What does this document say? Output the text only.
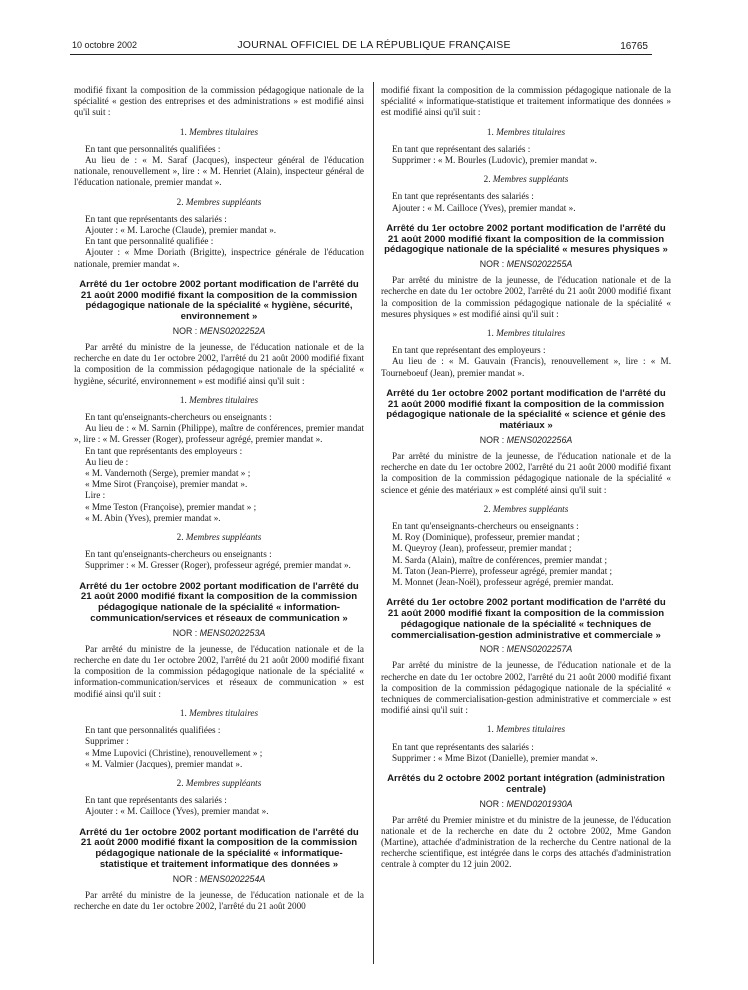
10 octobre 2002	JOURNAL OFFICIEL DE LA RÉPUBLIQUE FRANÇAISE	16765

modifié fixant la composition de la commission pédagogique nationale de la spécialité « gestion des entreprises et des administrations » est modifié ainsi qu'il suit :

1. Membres titulaires

En tant que personnalités qualifiées :

Au lieu de : « M. Saraf (Jacques), inspecteur général de l'éducation nationale, renouvellement », lire : « M. Henriet (Alain), inspecteur général de l'éducation nationale, premier mandat ».

2. Membres suppléants

En tant que représentants des salariés :

Ajouter : « M. Laroche (Claude), premier mandat ».

En tant que personnalité qualifiée :

Ajouter : « Mme Doriath (Brigitte), inspectrice générale de l'éducation nationale, premier mandat ».

Arrêté du 1er octobre 2002 portant modification de l'arrêté du 21 août 2000 modifié fixant la composition de la commission pédagogique nationale de la spécialité « hygiène, sécurité, environnement »
NOR : MENS0202252A

Par arrêté du ministre de la jeunesse, de l'éducation nationale et de la recherche en date du 1er octobre 2002, l'arrêté du 21 août 2000 modifié fixant la composition de la commission pédagogique nationale de la spécialité « hygiène, sécurité, environnement » est modifié ainsi qu'il suit :

1. Membres titulaires

En tant qu'enseignants-chercheurs ou enseignants :

Au lieu de : « M. Sarnin (Philippe), maître de conférences, premier mandat », lire : « M. Gresser (Roger), professeur agrégé, premier mandat ».

En tant que représentants des employeurs :

Au lieu de :

« M. Vandernoth (Serge), premier mandat » ;

« Mme Sirot (Françoise), premier mandat ».

Lire :

« Mme Teston (Françoise), premier mandat » ;

« M. Abin (Yves), premier mandat ».

2. Membres suppléants

En tant qu'enseignants-chercheurs ou enseignants :

Supprimer : « M. Gresser (Roger), professeur agrégé, premier mandat ».

Arrêté du 1er octobre 2002 portant modification de l'arrêté du 21 août 2000 modifié fixant la composition de la commission pédagogique nationale de la spécialité « information-communication/services et réseaux de communication »
NOR : MENS0202253A

Par arrêté du ministre de la jeunesse, de l'éducation nationale et de la recherche en date du 1er octobre 2002, l'arrêté du 21 août 2000 modifié fixant la composition de la commission pédagogique nationale de la spécialité « information-communication/services et réseaux de communication » est modifié ainsi qu'il suit :

1. Membres titulaires

En tant que personnalités qualifiées :

Supprimer :

« Mme Lupovici (Christine), renouvellement » ;

« M. Valmier (Jacques), premier mandat ».

2. Membres suppléants

En tant que représentants des salariés :

Ajouter : « M. Cailloce (Yves), premier mandat ».

Arrêté du 1er octobre 2002 portant modification de l'arrêté du 21 août 2000 modifié fixant la composition de la commission pédagogique nationale de la spécialité « informatique-statistique et traitement informatique des données »
NOR : MENS0202254A

Par arrêté du ministre de la jeunesse, de l'éducation nationale et de la recherche en date du 1er octobre 2002, l'arrêté du 21 août 2000

modifié fixant la composition de la commission pédagogique nationale de la spécialité « informatique-statistique et traitement informatique des données » est modifié ainsi qu'il suit :

1. Membres titulaires

En tant que représentant des salariés :

Supprimer : « M. Bourles (Ludovic), premier mandat ».

2. Membres suppléants

En tant que représentants des salariés :

Ajouter : « M. Cailloce (Yves), premier mandat ».

Arrêté du 1er octobre 2002 portant modification de l'arrêté du 21 août 2000 modifié fixant la composition de la commission pédagogique nationale de la spécialité « mesures physiques »
NOR : MENS0202255A

Par arrêté du ministre de la jeunesse, de l'éducation nationale et de la recherche en date du 1er octobre 2002, l'arrêté du 21 août 2000 modifié fixant la composition de la commission pédagogique nationale de la spécialité « mesures physiques » est modifié ainsi qu'il suit :

1. Membres titulaires

En tant que représentant des employeurs :

Au lieu de : « M. Gauvain (Francis), renouvellement », lire : « M. Tourneboeuf (Jean), premier mandat ».

Arrêté du 1er octobre 2002 portant modification de l'arrêté du 21 août 2000 modifié fixant la composition de la commission pédagogique nationale de la spécialité « science et génie des matériaux »
NOR : MENS0202256A

Par arrêté du ministre de la jeunesse, de l'éducation nationale et de la recherche en date du 1er octobre 2002, l'arrêté du 21 août 2000 modifié fixant la composition de la commission pédagogique nationale de la spécialité « science et génie des matériaux » est complété ainsi qu'il suit :

2. Membres suppléants

En tant qu'enseignants-chercheurs ou enseignants :

M. Roy (Dominique), professeur, premier mandat ;

M. Queyroy (Jean), professeur, premier mandat ;

M. Sarda (Alain), maître de conférences, premier mandat ;

M. Taton (Jean-Pierre), professeur agrégé, premier mandat ;

M. Monnet (Jean-Noël), professeur agrégé, premier mandat.

Arrêté du 1er octobre 2002 portant modification de l'arrêté du 21 août 2000 modifié fixant la composition de la commission pédagogique nationale de la spécialité « techniques de commercialisation-gestion administrative et commerciale »
NOR : MENS0202257A

Par arrêté du ministre de la jeunesse, de l'éducation nationale et de la recherche en date du 1er octobre 2002, l'arrêté du 21 août 2000 modifié fixant la composition de la commission pédagogique nationale de la spécialité « techniques de commercialisation-gestion administrative et commerciale » est modifié ainsi qu'il suit :

1. Membres titulaires

En tant que représentants des salariés :

Supprimer : « Mme Bizot (Danielle), premier mandat ».

Arrêtés du 2 octobre 2002 portant intégration (administration centrale)
NOR : MEND0201930A

Par arrêté du Premier ministre et du ministre de la jeunesse, de l'éducation nationale et de la recherche en date du 2 octobre 2002, Mme Gandon (Martine), attachée d'administration de la recherche du Centre national de la recherche scientifique, est intégrée dans le corps des attachés d'administration centrale à compter du 12 juin 2002.
